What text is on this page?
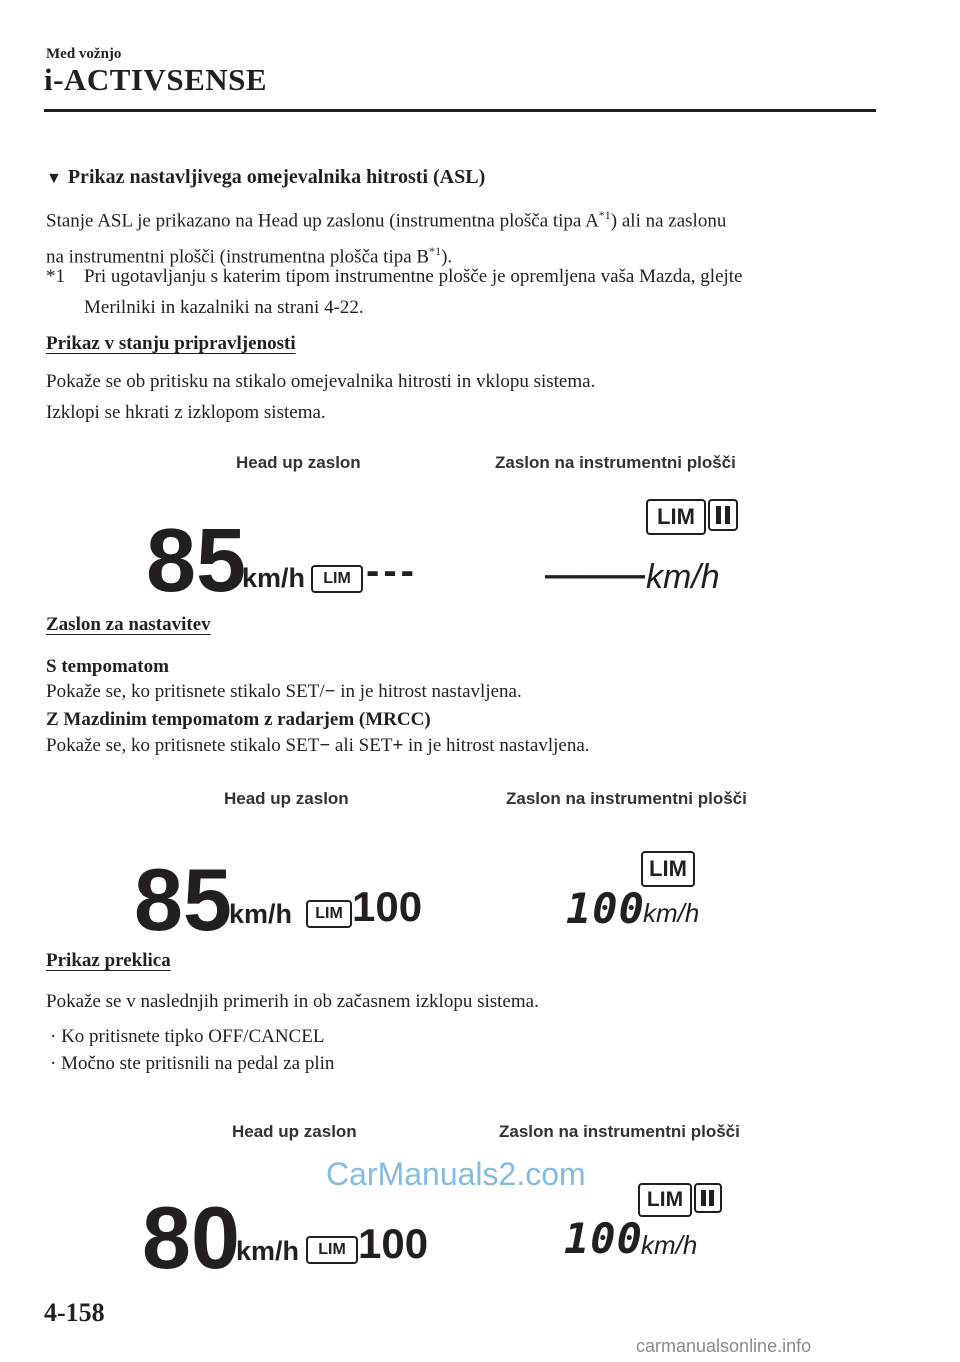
Med vožnjo
i-ACTIVSENSE
▼ Prikaz nastavljivega omejevalnika hitrosti (ASL)
Stanje ASL je prikazano na Head up zaslonu (instrumentna plošča tipa $A^{*1}$) ali na zaslonu
na instrumentni plošči (instrumentna plošča tipa $B^{*1}$).
*1 Pri ugotavljanju s katerim tipom instrumentne plošče je opremljena vaša Mazda, glejte
Merilniki in kazalniki na strani 4-22.
Prikaz v stanju pripravljenosti
Pokaže se ob pritisku na stikalo omejevalnika hitrosti in vklopu sistema.
Izklopi se hkrati z izklopom sistema.
Head up zaslon	Zaslon na instrumentni plošči
85
km/h	LIM ---
LIM
——— km/h
Zaslon za nastavitev
S tempomatom
Pokaže se, ko pritisnete stikalo SET/− in je hitrost nastavljena.
Z Mazdinim tempomatom z radarjem (MRCC)
Pokaže se, ko pritisnete stikalo SET− ali SET+ in je hitrost nastavljena.
Head up zaslon	Zaslon na instrumentni plošči
85
km/h	LIM 100
LIM
100
km/h
Prikaz preklica
Pokaže se v naslednjih primerih in ob začasnem izklopu sistema.
· Ko pritisnete tipko OFF/CANCEL
· Močno ste pritisnili na pedal za plin
Head up zaslon	Zaslon na instrumentni plošči
80
km/h	LIM 100
LIM
100
km/h
CarManuals2.com
4-158
carmanualsonline.info
